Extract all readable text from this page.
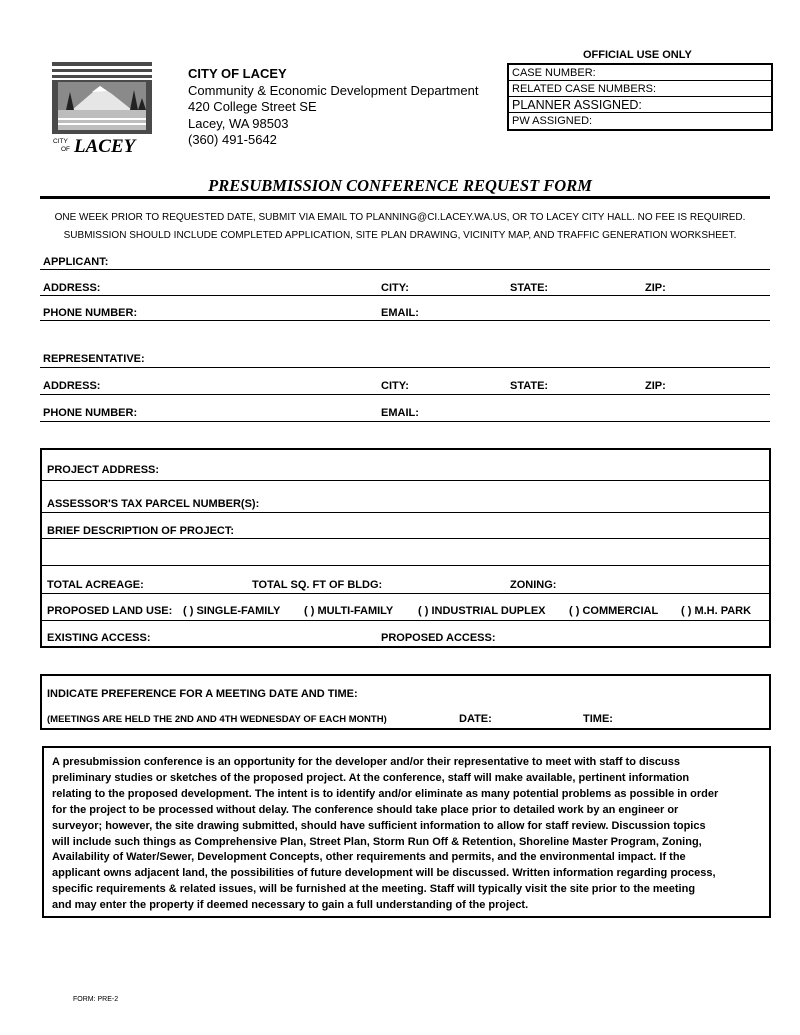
CITY
OF LACEY
CITY OF LACEY
Community & Economic Development Department
420 College Street SE
Lacey, WA 98503
(360) 491-5642
OFFICIAL USE ONLY
CASE NUMBER:
RELATED CASE NUMBERS:
PLANNER ASSIGNED:
PW ASSIGNED:
PRESUBMISSION CONFERENCE REQUEST FORM
ONE WEEK PRIOR TO REQUESTED DATE, SUBMIT VIA EMAIL TO PLANNING@CI.LACEY.WA.US, OR TO LACEY CITY HALL. NO FEE IS REQUIRED.
SUBMISSION SHOULD INCLUDE COMPLETED APPLICATION, SITE PLAN DRAWING, VICINITY MAP, AND TRAFFIC GENERATION WORKSHEET.
APPLICANT:
ADDRESS:	CITY:	STATE:	ZIP:
PHONE NUMBER:	EMAIL:
REPRESENTATIVE:
ADDRESS:	CITY:	STATE:	ZIP:
PHONE NUMBER:	EMAIL:
PROJECT ADDRESS:
ASSESSOR'S TAX PARCEL NUMBER(S):
BRIEF DESCRIPTION OF PROJECT:
TOTAL ACREAGE:	TOTAL SQ. FT OF BLDG:	ZONING:
PROPOSED LAND USE: ( ) SINGLE-FAMILY ( ) MULTI-FAMILY ( ) INDUSTRIAL DUPLEX ( ) COMMERCIAL ( ) M.H. PARK
EXISTING ACCESS:	PROPOSED ACCESS:
INDICATE PREFERENCE FOR A MEETING DATE AND TIME:
(MEETINGS ARE HELD THE 2ND AND 4TH WEDNESDAY OF EACH MONTH)	DATE:	TIME:
A presubmission conference is an opportunity for the developer and/or their representative to meet with staff to discuss
preliminary studies or sketches of the proposed project. At the conference, staff will make available, pertinent information
relating to the proposed development. The intent is to identify and/or eliminate as many potential problems as possible in order
for the project to be processed without delay. The conference should take place prior to detailed work by an engineer or
surveyor; however, the site drawing submitted, should have sufficient information to allow for staff review. Discussion topics
will include such things as Comprehensive Plan, Street Plan, Storm Run Off & Retention, Shoreline Master Program, Zoning,
Availability of Water/Sewer, Development Concepts, other requirements and permits, and the environmental impact. If the
applicant owns adjacent land, the possibilities of future development will be discussed. Written information regarding process,
specific requirements & related issues, will be furnished at the meeting. Staff will typically visit the site prior to the meeting
and may enter the property if deemed necessary to gain a full understanding of the project.
FORM: PRE-2
